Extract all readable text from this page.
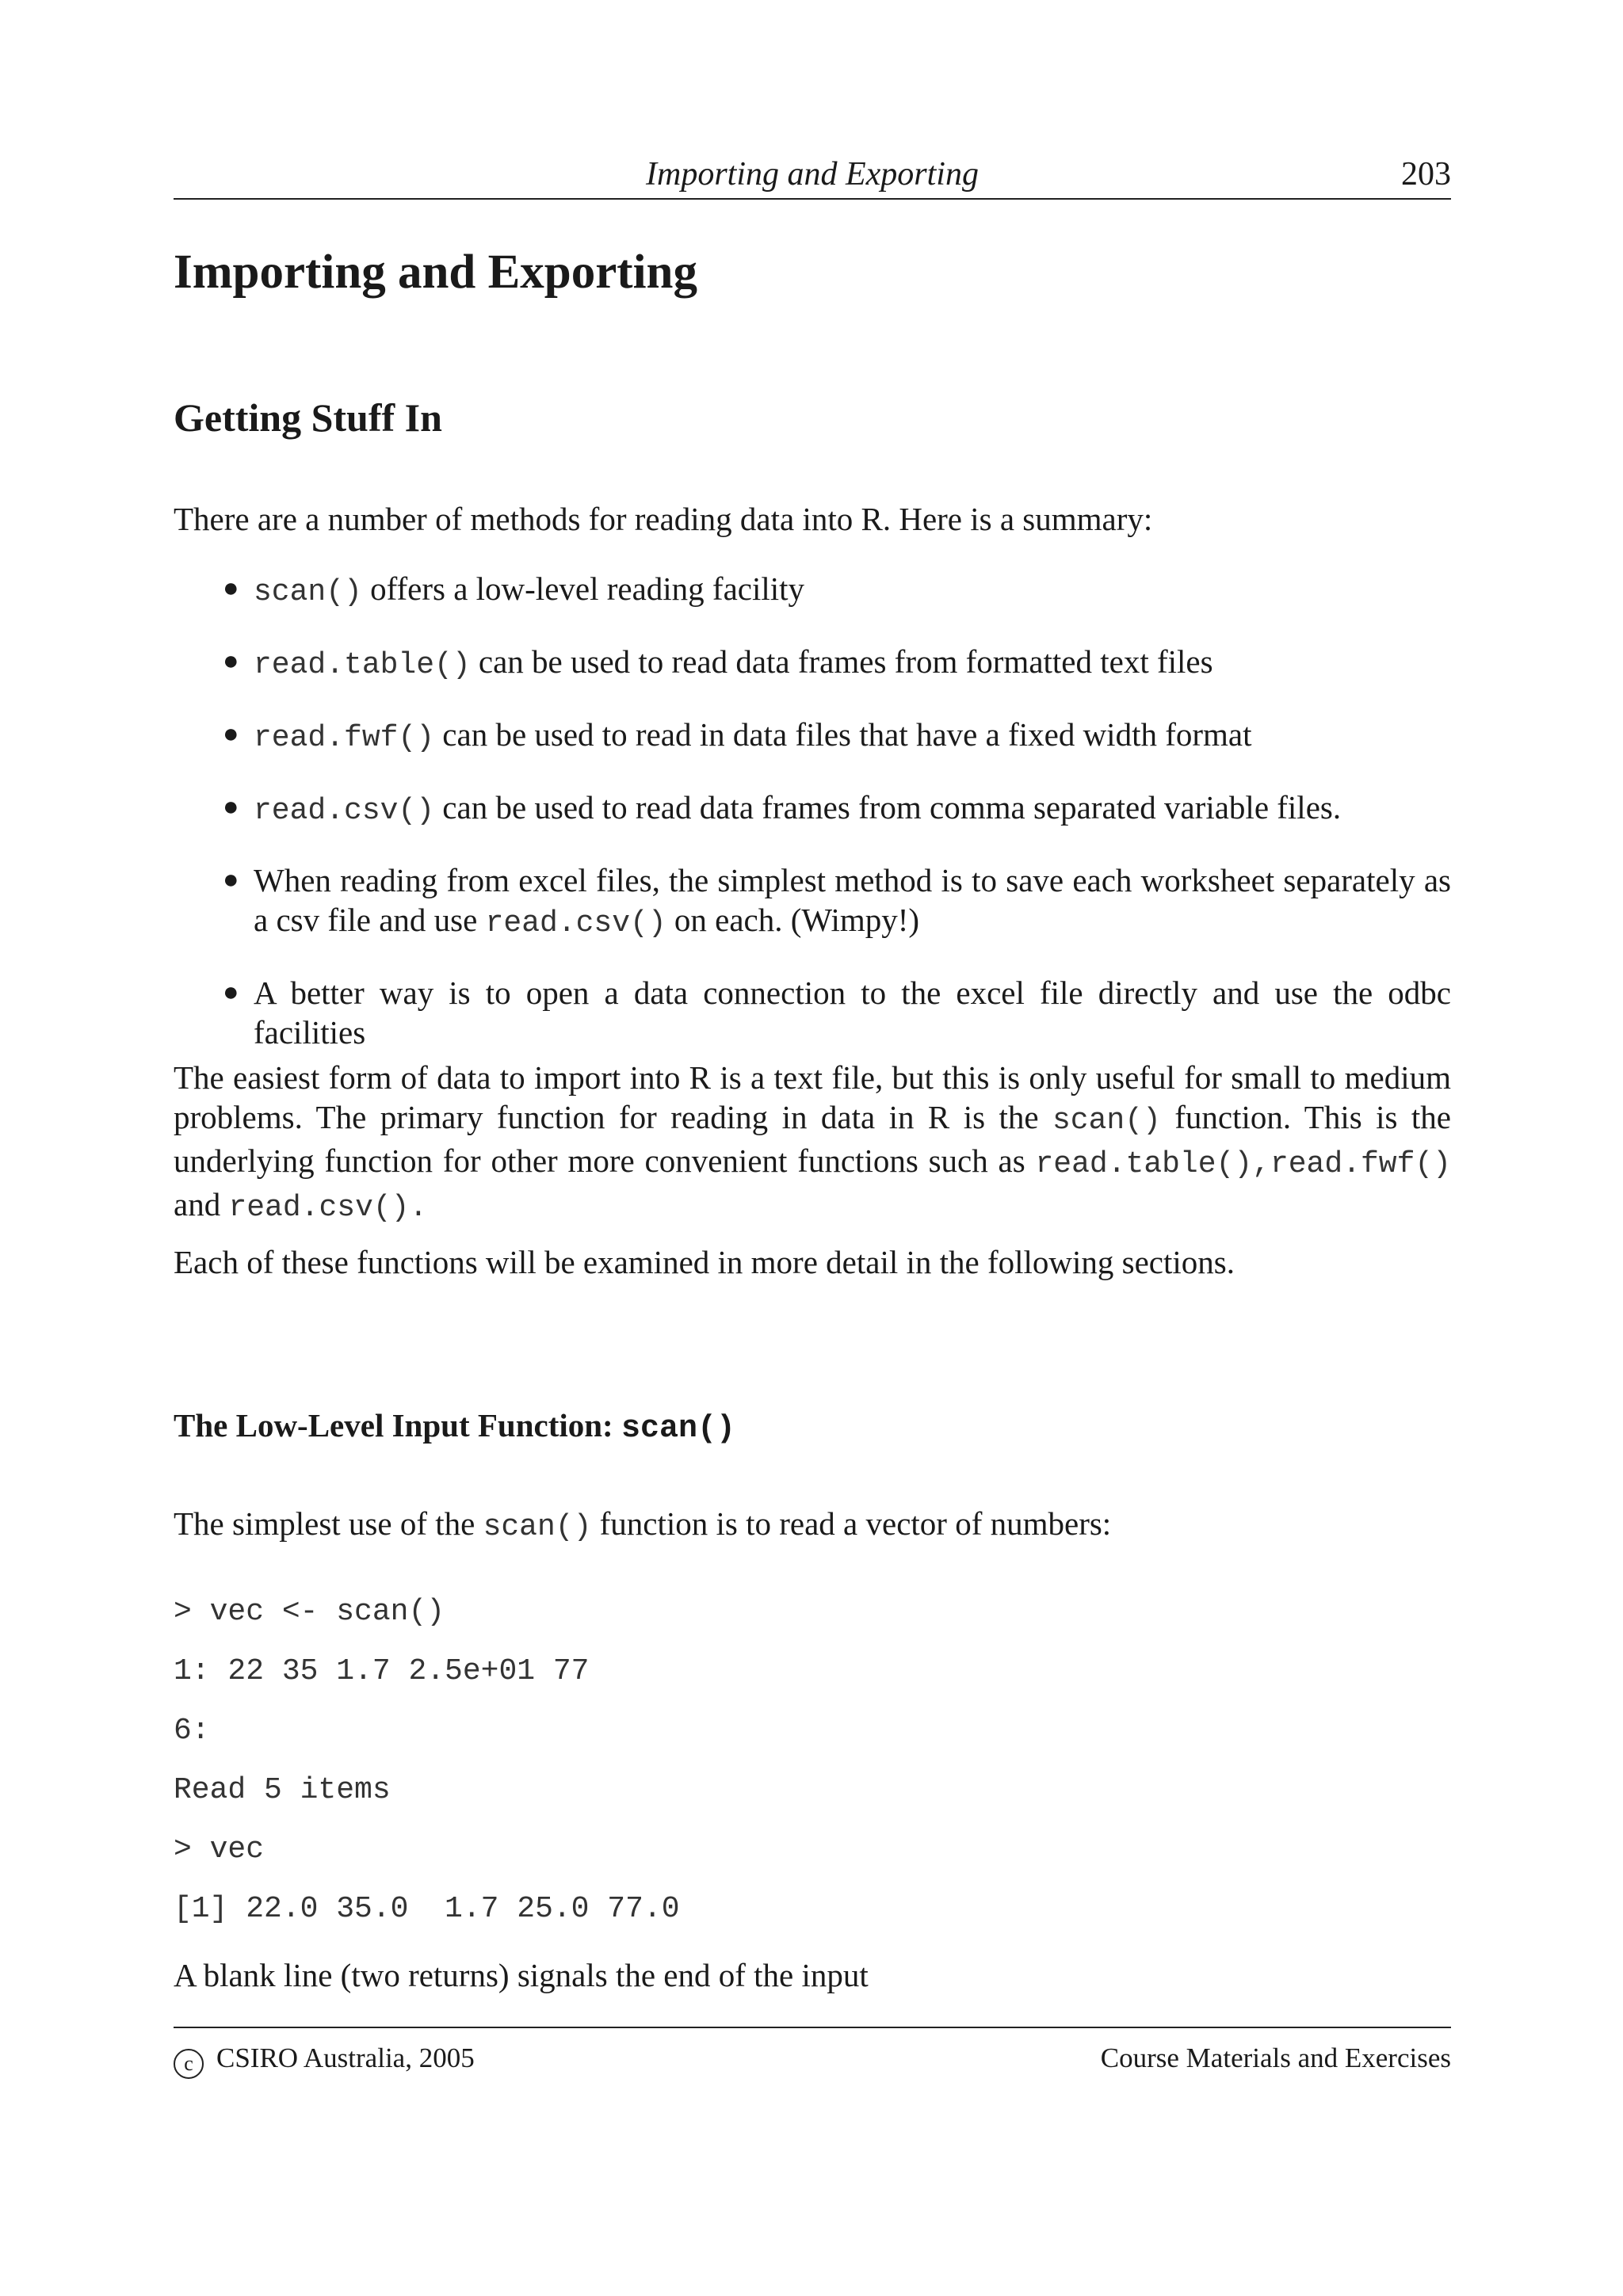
Importing and Exporting	203
Importing and Exporting
Getting Stuff In

There are a number of methods for reading data into R. Here is a summary:

● scan() offers a low-level reading facility
● read.table() can be used to read data frames from formatted text files
● read.fwf() can be used to read in data files that have a fixed width format
● read.csv() can be used to read data frames from comma separated variable files.
● When reading from excel files, the simplest method is to save each worksheet separately as a csv file and use read.csv() on each. (Wimpy!)
● A better way is to open a data connection to the excel file directly and use the odbc facilities

The easiest form of data to import into R is a text file, but this is only useful for small to medium problems. The primary function for reading in data in R is the scan() function. This is the underlying function for other more convenient functions such as read.table(),read.fwf() and read.csv().

Each of these functions will be examined in more detail in the following sections.

The Low-Level Input Function: scan()

The simplest use of the scan() function is to read a vector of numbers:

> vec <- scan()
1: 22 35 1.7 2.5e+01 77
6:
Read 5 items
> vec
[1] 22.0 35.0  1.7 25.0 77.0

A blank line (two returns) signals the end of the input

c CSIRO Australia, 2005	Course Materials and Exercises
